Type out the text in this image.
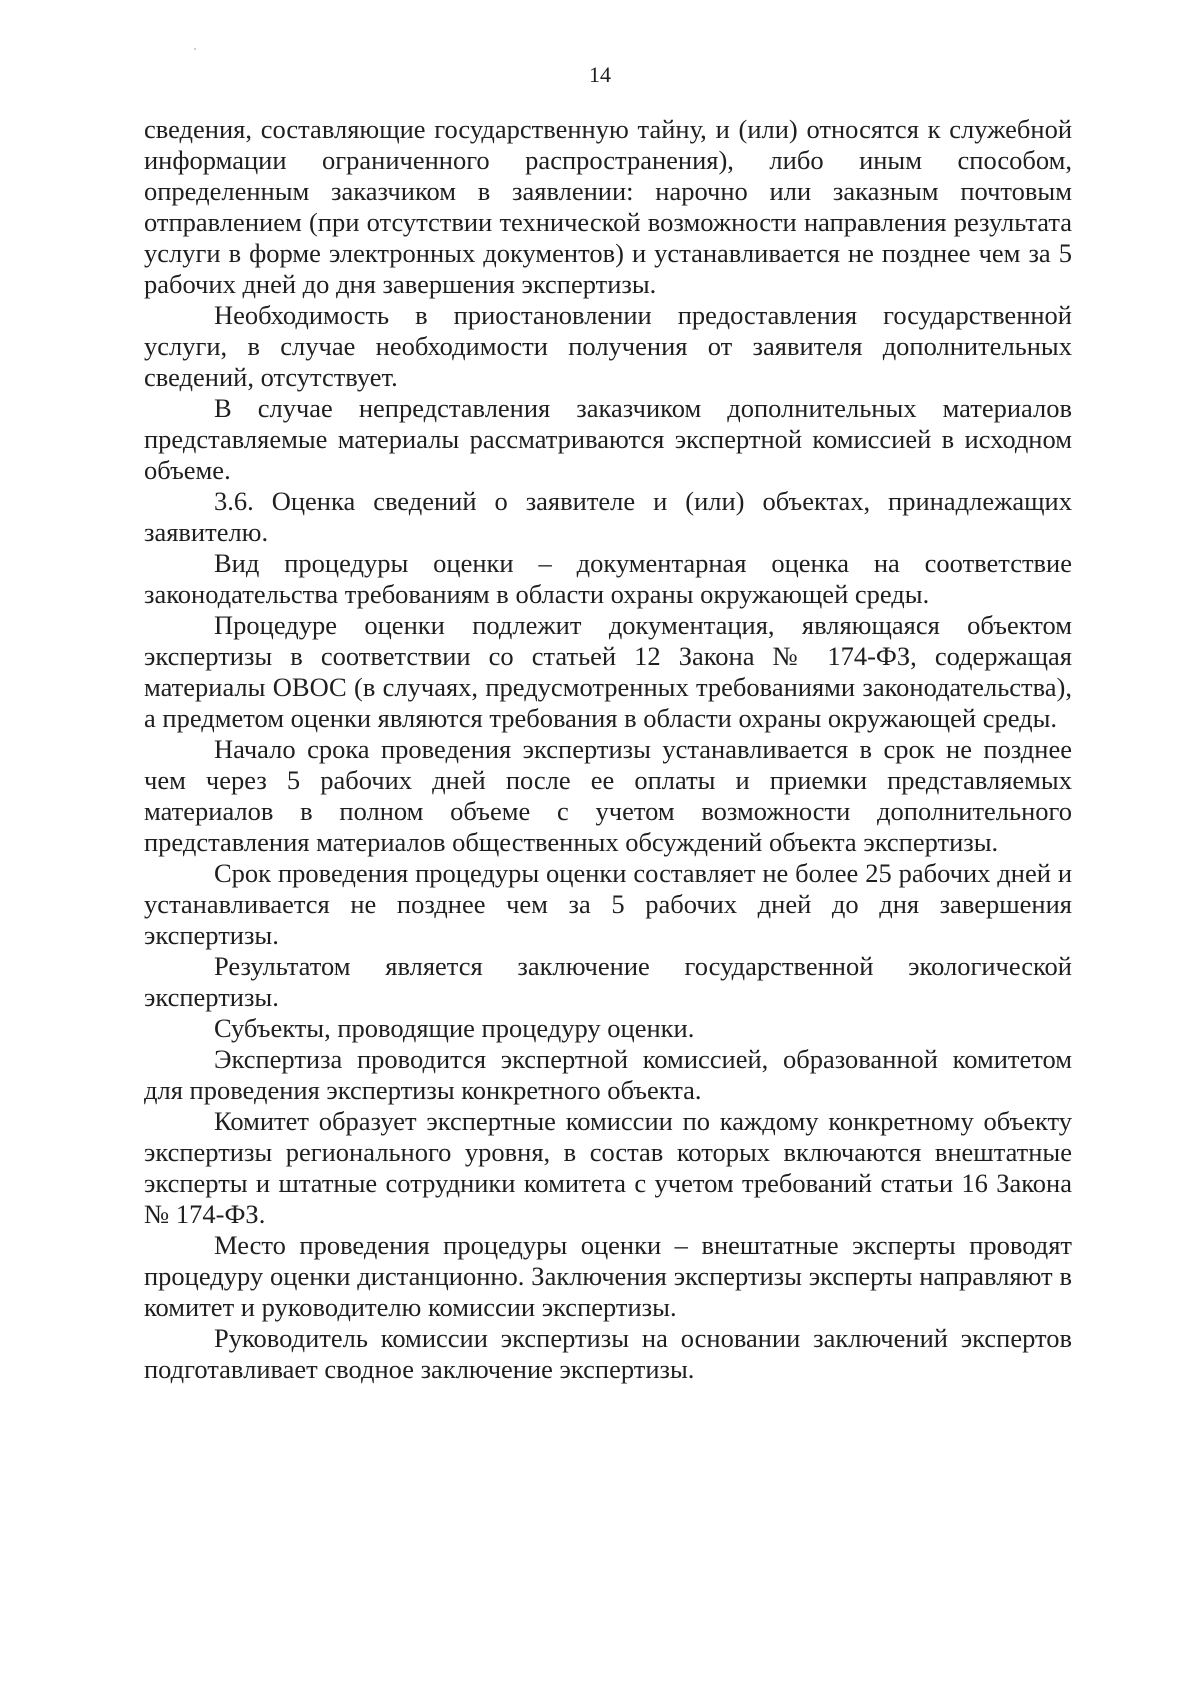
14

сведения, составляющие государственную тайну, и (или) относятся к служебной информации ограниченного распространения), либо иным способом, определенным заказчиком в заявлении: нарочно или заказным почтовым отправлением (при отсутствии технической возможности направления результата услуги в форме электронных документов) и устанавливается не позднее чем за 5 рабочих дней до дня завершения экспертизы.

Необходимость в приостановлении предоставления государственной услуги, в случае необходимости получения от заявителя дополнительных сведений, отсутствует.

В случае непредставления заказчиком дополнительных материалов представляемые материалы рассматриваются экспертной комиссией в исходном объеме.

3.6. Оценка сведений о заявителе и (или) объектах, принадлежащих заявителю.

Вид процедуры оценки – документарная оценка на соответствие законодательства требованиям в области охраны окружающей среды.

Процедуре оценки подлежит документация, являющаяся объектом экспертизы в соответствии со статьей 12 Закона № 174-ФЗ, содержащая материалы ОВОС (в случаях, предусмотренных требованиями законодательства), а предметом оценки являются требования в области охраны окружающей среды.

Начало срока проведения экспертизы устанавливается в срок не позднее чем через 5 рабочих дней после ее оплаты и приемки представляемых материалов в полном объеме с учетом возможности дополнительного представления материалов общественных обсуждений объекта экспертизы.

Срок проведения процедуры оценки составляет не более 25 рабочих дней и устанавливается не позднее чем за 5 рабочих дней до дня завершения экспертизы.

Результатом является заключение государственной экологической экспертизы.

Субъекты, проводящие процедуру оценки.

Экспертиза проводится экспертной комиссией, образованной комитетом для проведения экспертизы конкретного объекта.

Комитет образует экспертные комиссии по каждому конкретному объекту экспертизы регионального уровня, в состав которых включаются внештатные эксперты и штатные сотрудники комитета с учетом требований статьи 16 Закона № 174-ФЗ.

Место проведения процедуры оценки – внештатные эксперты проводят процедуру оценки дистанционно. Заключения экспертизы эксперты направляют в комитет и руководителю комиссии экспертизы.

Руководитель комиссии экспертизы на основании заключений экспертов подготавливает сводное заключение экспертизы.
